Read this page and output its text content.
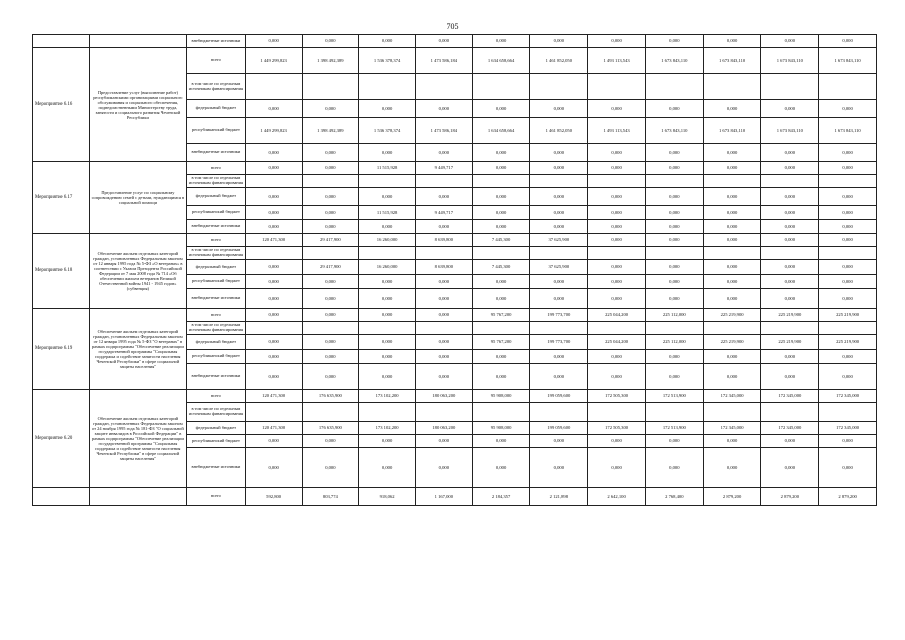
705
		внебюджетные источники	0,000	0,000	0,000	0,000	0,000	0,000	0,000	0,000	0,000	0,000	0,000
Мероприятие 6.16	Предоставление услуг (выполнение работ) республиканскими организациями социального обслуживания и социального обеспечения, подведомственными Министерству труда, занятости и социального развития Чеченской Республики	всего	1 449 299,823	1 398 492,389	1 536 378,374	1 473 586,184	1 634 658,664	1 461 852,050	1 493 113,543	1 673 843,110	1 673 843,110	1 673 843,110	1 673 843,110
		в том числе по отдельным источникам финансирования											
		федеральный бюджет	0,000	0,000	0,000	0,000	0,000	0,000	0,000	0,000	0,000	0,000	0,000
		республиканский бюджет	1 449 299,823	1 398 492,389	1 536 378,374	1 473 586,184	1 634 658,664	1 461 852,050	1 493 113,543	1 673 843,110	1 673 843,110	1 673 843,110	1 673 843,110
		внебюджетные источники	0,000	0,000	0,000	0,000	0,000	0,000	0,000	0,000	0,000	0,000	0,000
Мероприятие 6.17	Предоставление услуг по социальному сопровождению семей с детьми, нуждающимся в социальной помощи	всего	0,000	0,000	11 515,928	9 449,717	0,000	0,000	0,000	0,000	0,000	0,000	0,000
		в том числе по отдельным источникам финансирования											
		федеральный бюджет	0,000	0,000	0,000	0,000	0,000	0,000	0,000	0,000	0,000	0,000	0,000
		республиканский бюджет	0,000	0,000	11 515,928	9 449,717	0,000	0,000	0,000	0,000	0,000	0,000	0,000
		внебюджетные источники	0,000	0,000	0,000	0,000	0,000	0,000	0,000	0,000	0,000	0,000	0,000
Мероприятие 6.18	Обеспечение жильем отдельных категорий граждан, установленных Федеральным законом от 12 января 1995 года № 5-ФЗ «О ветеранах» в соответствии с Указом Президента Российской Федерации от 7 мая 2008 года № 714 «Об обеспечении жильем ветеранов Великой Отечественной войны 1941 - 1945 годов» (субвенция)	всего	120 471,300	29 417,900	16 260,000	8 639,800	7 445,300	37 625,900	0,000	0,000	0,000	0,000	0,000
		в том числе по отдельным источникам финансирования											
		федеральный бюджет	0,000	29 417,900	16 260,000	8 639,800	7 445,300	37 625,900	0,000	0,000	0,000	0,000	0,000
		республиканский бюджет	0,000	0,000	0,000	0,000	0,000	0,000	0,000	0,000	0,000	0,000	0,000
		внебюджетные источники	0,000	0,000	0,000	0,000	0,000	0,000	0,000	0,000	0,000	0,000	0,000
Мероприятие 6.19	Обеспечение жильем отдельных категорий граждан, установленных Федеральным законом от 12 января 1995 года № 5-ФЗ "О ветеранах" в рамках подпрограммы "Обеспечение реализации государственной программы "Социальная поддержка и содействие занятости населения Чеченской Республики" в сфере социальной защиты населения"	всего	0,000	0,000	0,000	0,000	95 767,200	199 773,700	225 044,200	225 112,000	225 219,900	225 219,900	225 219,900
		в том числе по отдельным источникам финансирования											
		федеральный бюджет	0,000	0,000	0,000	0,000	95 767,200	199 773,700	225 044,200	225 112,000	225 219,900	225 219,900	225 219,900
		республиканский бюджет	0,000	0,000	0,000	0,000	0,000	0,000	0,000	0,000	0,000	0,000	0,000
		внебюджетные источники	0,000	0,000	0,000	0,000	0,000	0,000	0,000	0,000	0,000	0,000	0,000
Мероприятие 6.20	Обеспечение жильем отдельных категорий граждан, установленных Федеральным законом от 24 ноября 1995 года № 181-ФЗ "О социальной защите инвалидов в Российской Федерации" в рамках подпрограммы "Обеспечение реализации государственной программы "Социальная поддержка и содействие занятости населения Чеченской Республики" в сфере социальной защиты населения"	всего	120 471,300	176 635,900	173 102,200	180 063,200	95 908,000	199 059,600	172 505,300	172 513,900	172 345,000	172 345,000	172 345,000
		в том числе по отдельным источникам финансирования											
		федеральный бюджет	120 471,300	176 635,900	173 102,200	180 063,200	95 908,000	199 059,600	172 505,300	172 513,900	172 345,000	172 345,000	172 345,000
		республиканский бюджет	0,000	0,000	0,000	0,000	0,000	0,000	0,000	0,000	0,000	0,000	0,000
		внебюджетные источники	0,000	0,000	0,000	0,000	0,000	0,000	0,000	0,000	0,000	0,000	0,000
		всего	592,800	803,774	918,062	1 167,000	2 184,357	2 121,898	2 642,100	2 768,400	2 879,200	2 879,200	2 879,200
